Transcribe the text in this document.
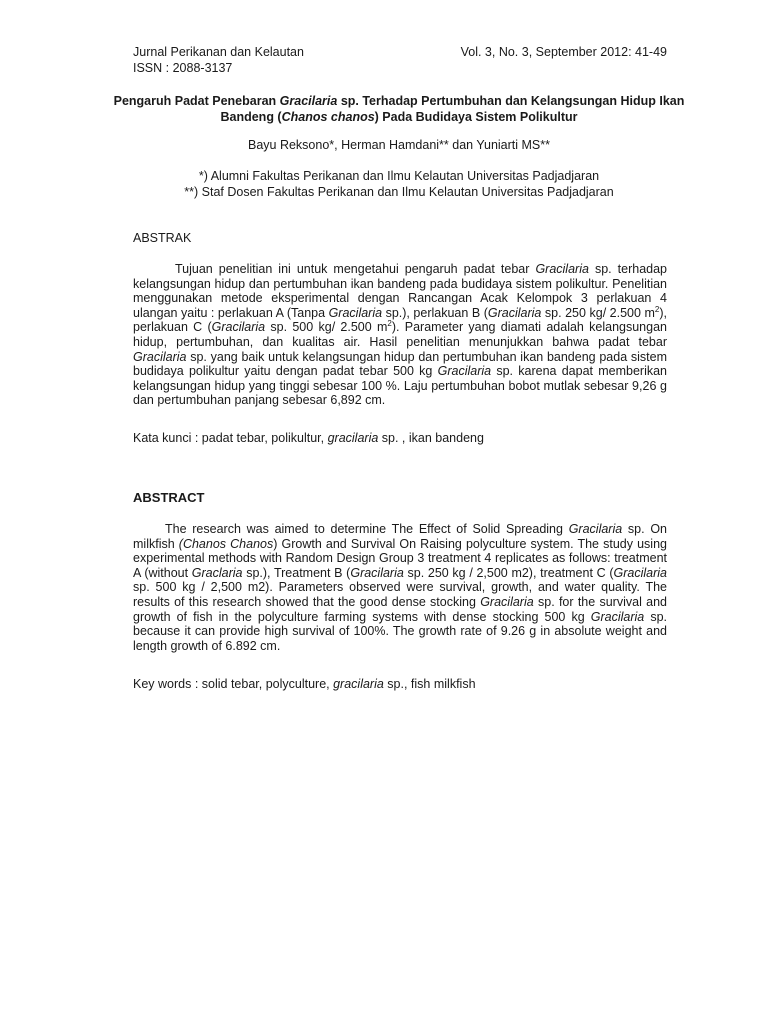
Jurnal Perikanan dan Kelautan
ISSN : 2088-3137
Vol. 3, No. 3, September 2012: 41-49
Pengaruh Padat Penebaran Gracilaria sp. Terhadap Pertumbuhan dan Kelangsungan Hidup Ikan Bandeng (Chanos chanos) Pada Budidaya Sistem Polikultur
Bayu Reksono*, Herman Hamdani** dan Yuniarti MS**
*) Alumni Fakultas Perikanan dan Ilmu Kelautan Universitas Padjadjaran
**) Staf Dosen Fakultas Perikanan dan Ilmu Kelautan Universitas Padjadjaran
ABSTRAK
Tujuan penelitian ini untuk mengetahui pengaruh padat tebar Gracilaria sp. terhadap kelangsungan hidup dan pertumbuhan ikan bandeng pada budidaya sistem polikultur. Penelitian menggunakan metode eksperimental dengan Rancangan Acak Kelompok 3 perlakuan 4 ulangan yaitu : perlakuan A (Tanpa Gracilaria sp.), perlakuan B (Gracilaria sp. 250 kg/ 2.500 $m^2$), perlakuan C (Gracilaria sp. 500 kg/ 2.500 $m^2$). Parameter yang diamati adalah kelangsungan hidup, pertumbuhan, dan kualitas air. Hasil penelitian menunjukkan bahwa padat tebar Gracilaria sp. yang baik untuk kelangsungan hidup dan pertumbuhan ikan bandeng pada sistem budidaya polikultur yaitu dengan padat tebar 500 kg Gracilaria sp. karena dapat memberikan kelangsungan hidup yang tinggi sebesar 100 %. Laju pertumbuhan bobot mutlak sebesar 9,26 g dan pertumbuhan panjang sebesar 6,892 cm.
Kata kunci : padat tebar, polikultur, gracilaria sp. , ikan bandeng
ABSTRACT
The research was aimed to determine The Effect of Solid Spreading Gracilaria sp. On milkfish (Chanos Chanos) Growth and Survival On Raising polyculture system. The study using experimental methods with Random Design Group 3 treatment 4 replicates as follows: treatment A (without Graclaria sp.), Treatment B (Gracilaria sp. 250 kg / 2,500 m2), treatment C (Gracilaria sp. 500 kg / 2,500 m2). Parameters observed were survival, growth, and water quality. The results of this research showed that the good dense stocking Gracilaria sp. for the survival and growth of fish in the polyculture farming systems with dense stocking 500 kg Gracilaria sp. because it can provide high survival of 100%. The growth rate of 9.26 g in absolute weight and length growth of 6.892 cm.
Key words : solid tebar, polyculture, gracilaria sp., fish milkfish
